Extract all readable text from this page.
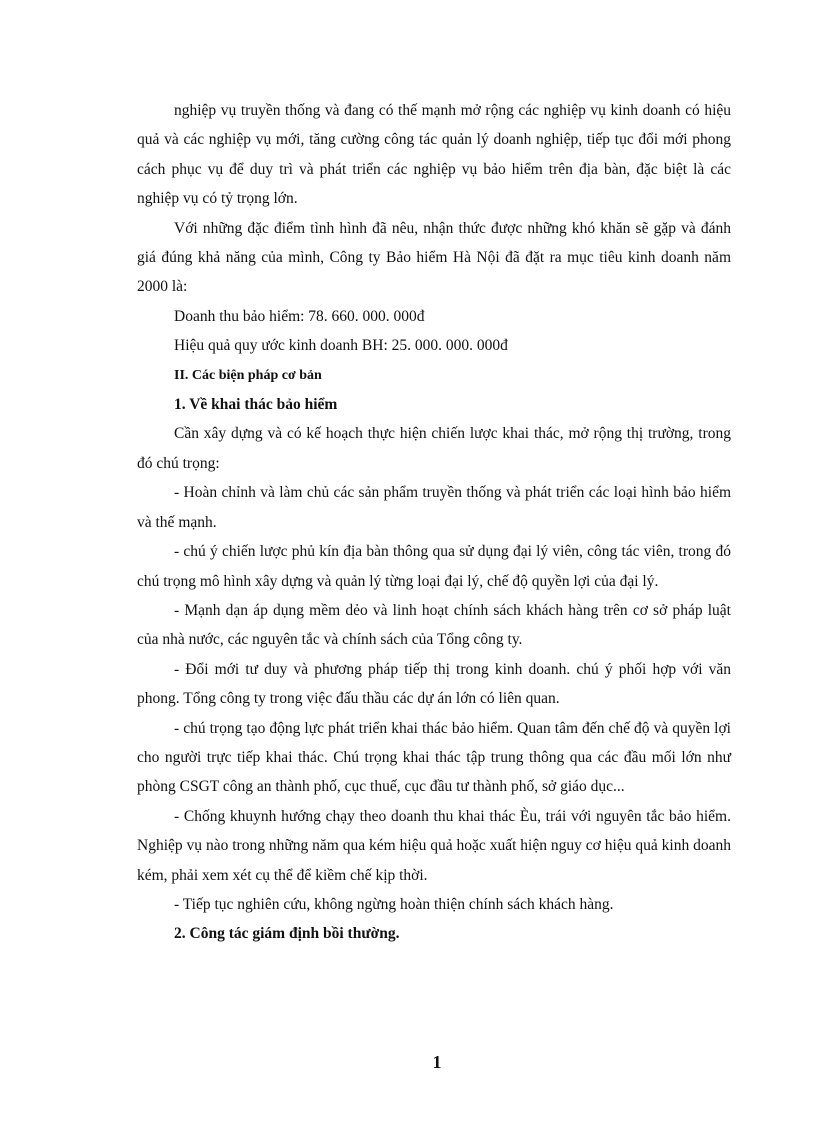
nghiệp vụ truyền thống và đang có thế mạnh mở rộng các nghiệp vụ kinh doanh có hiệu quả và các nghiệp vụ mới, tăng cường công tác quản lý doanh nghiệp, tiếp tục đổi mới phong cách phục vụ để duy trì và phát triển các nghiệp vụ bảo hiểm trên địa bàn, đặc biệt là các nghiệp vụ có tỷ trọng lớn.

Với những đặc điểm tình hình đã nêu, nhận thức được những khó khăn sẽ gặp và đánh giá đúng khả năng của mình, Công ty Bảo hiểm Hà Nội đã đặt ra mục tiêu kinh doanh năm 2000 là:

Doanh thu bảo hiểm: 78. 660. 000. 000đ

Hiệu quả quy ước kinh doanh BH: 25. 000. 000. 000đ

II. Các biện pháp cơ bản

1. Về khai thác bảo hiểm

Cần xây dựng và có kế hoạch thực hiện chiến lược khai thác, mở rộng thị trường, trong đó chú trọng:

- Hoàn chỉnh và làm chủ các sản phẩm truyền thống và phát triển các loại hình bảo hiểm và thế mạnh.

- chú ý chiến lược phủ kín địa bàn thông qua sử dụng đại lý viên, công tác viên, trong đó chú trọng mô hình xây dựng và quản lý từng loại đại lý, chế độ quyền lợi của đại lý.

- Mạnh dạn áp dụng mềm dẻo và linh hoạt chính sách khách hàng trên cơ sở pháp luật của nhà nước, các nguyên tắc và chính sách của Tổng công ty.

- Đổi mới tư duy và phương pháp tiếp thị trong kinh doanh. chú ý phối hợp với văn phong. Tổng công ty trong việc đấu thầu các dự án lớn có liên quan.

- chú trọng tạo động lực phát triển khai thác bảo hiểm. Quan tâm đến chế độ và quyền lợi cho người trực tiếp khai thác. Chú trọng khai thác tập trung thông qua các đầu mối lớn như phòng CSGT công an thành phố, cục thuế, cục đầu tư thành phố, sở giáo dục...

- Chống khuynh hướng chạy theo doanh thu khai thác Èu, trái với nguyên tắc bảo hiểm. Nghiệp vụ nào trong những năm qua kém hiệu quả hoặc xuất hiện nguy cơ hiệu quả kinh doanh kém, phải xem xét cụ thể để kiềm chế kịp thời.

- Tiếp tục nghiên cứu, không ngừng hoàn thiện chính sách khách hàng.

2. Công tác giám định bồi thường.

1
